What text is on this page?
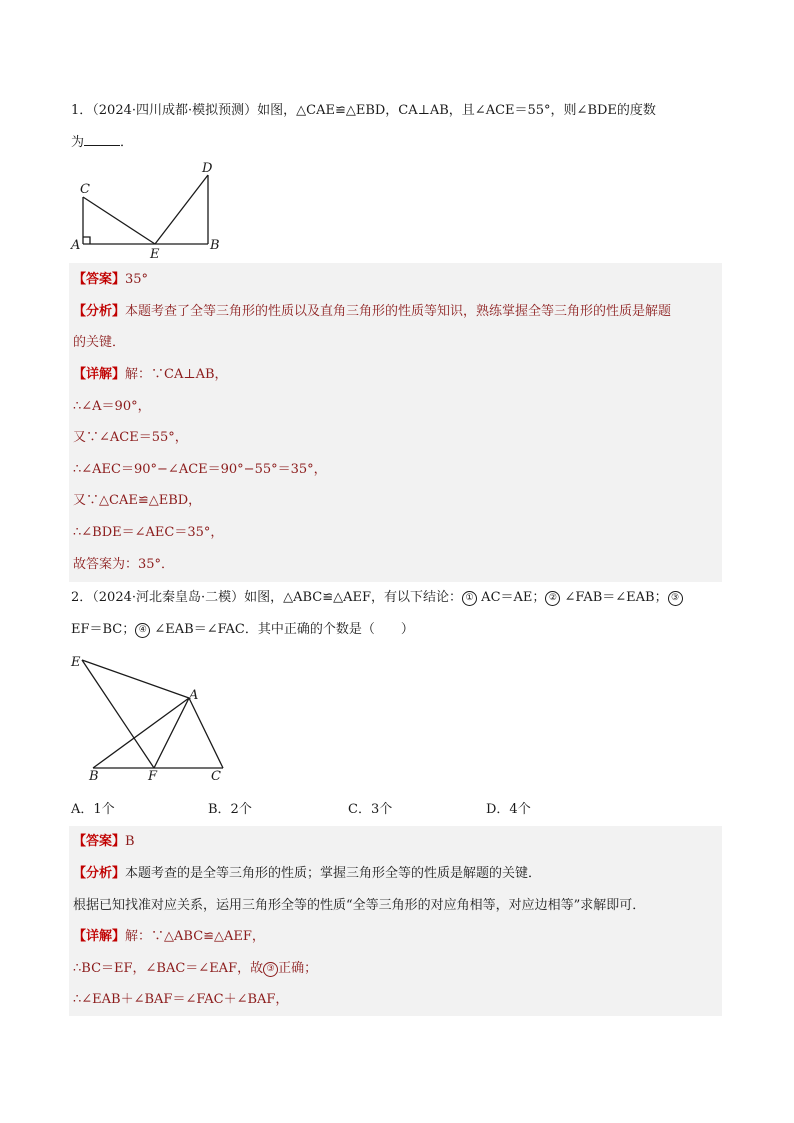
1．（2024·四川成都·模拟预测）如图，△CAE≌△EBD，CA⊥AB，且∠ACE＝55°，则∠BDE的度数
为	．
C
D
A
E
B
【答案】35°
【分析】本题考查了全等三角形的性质以及直角三角形的性质等知识，熟练掌握全等三角形的性质是解题
的关键．
【详解】解：∵CA⊥AB，
∴∠A＝90°，
又∵∠ACE＝55°，
∴∠AEC＝90°−∠ACE＝90°−55°＝35°，
又∵△CAE≌△EBD，
∴∠BDE＝∠AEC＝35°，
故答案为：35°．
2．（2024·河北秦皇岛·二模）如图，△ABC≌△AEF，有以下结论： ① AC＝AE； ② ∠FAB＝∠EAB； ③
EF＝BC； ④ ∠EAB＝∠FAC．其中正确的个数是（　　）
E
A
B	F	C
A．1个	B．2个	C．3个	D．4个
【答案】B
【分析】本题考查的是全等三角形的性质；掌握三角形全等的性质是解题的关键．
根据已知找准对应关系，运用三角形全等的性质“全等三角形的对应角相等，对应边相等”求解即可．
【详解】解：∵△ABC≌△AEF，
∴BC＝EF，∠BAC＝∠EAF，故 ③ 正确；
∴∠EAB＋∠BAF＝∠FAC＋∠BAF，
